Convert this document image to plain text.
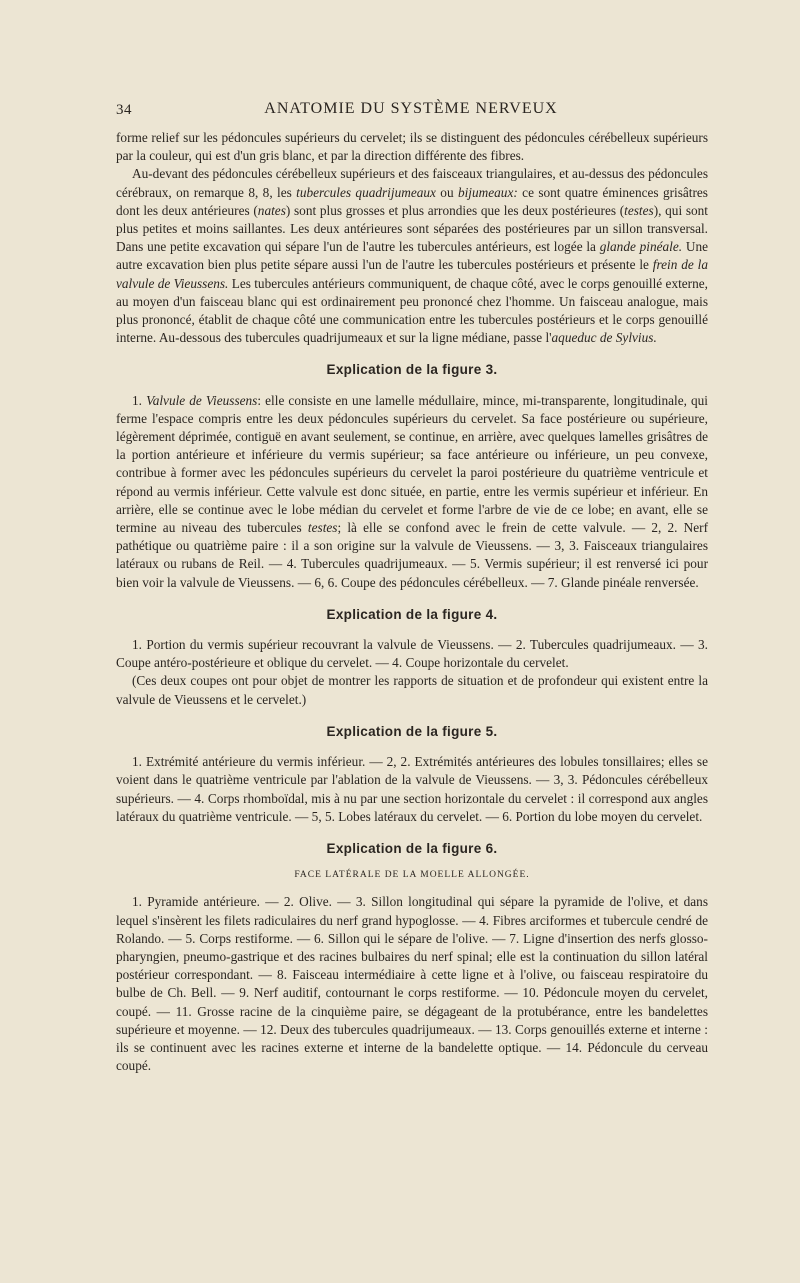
34	ANATOMIE DU SYSTÈME NERVEUX

forme relief sur les pédoncules supérieurs du cervelet; ils se distinguent des pédoncules cérébelleux supérieurs par la couleur, qui est d'un gris blanc, et par la direction différente des fibres.

Au-devant des pédoncules cérébelleux supérieurs et des faisceaux triangulaires, et au-dessus des pédoncules cérébraux, on remarque 8, 8, les tubercules quadrijumeaux ou bijumeaux: ce sont quatre éminences grisâtres dont les deux antérieures (nates) sont plus grosses et plus arrondies que les deux postérieures (testes), qui sont plus petites et moins saillantes. Les deux antérieures sont séparées des postérieures par un sillon transversal. Dans une petite excavation qui sépare l'un de l'autre les tubercules antérieurs, est logée la glande pinéale. Une autre excavation bien plus petite sépare aussi l'un de l'autre les tubercules postérieurs et présente le frein de la valvule de Vieussens. Les tubercules antérieurs communiquent, de chaque côté, avec le corps genouillé externe, au moyen d'un faisceau blanc qui est ordinairement peu prononcé chez l'homme. Un faisceau analogue, mais plus prononcé, établit de chaque côté une communication entre les tubercules postérieurs et le corps genouillé interne. Au-dessous des tubercules quadrijumeaux et sur la ligne médiane, passe l'aqueduc de Sylvius.

Explication de la figure 3.

1. Valvule de Vieussens: elle consiste en une lamelle médullaire, mince, mi-transparente, longitudinale, qui ferme l'espace compris entre les deux pédoncules supérieurs du cervelet. Sa face postérieure ou supérieure, légèrement déprimée, contiguë en avant seulement, se continue, en arrière, avec quelques lamelles grisâtres de la portion antérieure et inférieure du vermis supérieur; sa face antérieure ou inférieure, un peu convexe, contribue à former avec les pédoncules supérieurs du cervelet la paroi postérieure du quatrième ventricule et répond au vermis inférieur. Cette valvule est donc située, en partie, entre les vermis supérieur et inférieur. En arrière, elle se continue avec le lobe médian du cervelet et forme l'arbre de vie de ce lobe; en avant, elle se termine au niveau des tubercules testes; là elle se confond avec le frein de cette valvule. — 2, 2. Nerf pathétique ou quatrième paire : il a son origine sur la valvule de Vieussens. — 3, 3. Faisceaux triangulaires latéraux ou rubans de Reil. — 4. Tubercules quadrijumeaux. — 5. Vermis supérieur; il est renversé ici pour bien voir la valvule de Vieussens. — 6, 6. Coupe des pédoncules cérébelleux. — 7. Glande pinéale renversée.

Explication de la figure 4.

1. Portion du vermis supérieur recouvrant la valvule de Vieussens. — 2. Tubercules quadrijumeaux. — 3. Coupe antéro-postérieure et oblique du cervelet. — 4. Coupe horizontale du cervelet.

(Ces deux coupes ont pour objet de montrer les rapports de situation et de profondeur qui existent entre la valvule de Vieussens et le cervelet.)

Explication de la figure 5.

1. Extrémité antérieure du vermis inférieur. — 2, 2. Extrémités antérieures des lobules tonsillaires; elles se voient dans le quatrième ventricule par l'ablation de la valvule de Vieussens. — 3, 3. Pédoncules cérébelleux supérieurs. — 4. Corps rhomboïdal, mis à nu par une section horizontale du cervelet : il correspond aux angles latéraux du quatrième ventricule. — 5, 5. Lobes latéraux du cervelet. — 6. Portion du lobe moyen du cervelet.

Explication de la figure 6.
FACE LATÉRALE DE LA MOELLE ALLONGÉE.

1. Pyramide antérieure. — 2. Olive. — 3. Sillon longitudinal qui sépare la pyramide de l'olive, et dans lequel s'insèrent les filets radiculaires du nerf grand hypoglosse. — 4. Fibres arciformes et tubercule cendré de Rolando. — 5. Corps restiforme. — 6. Sillon qui le sépare de l'olive. — 7. Ligne d'insertion des nerfs glosso-pharyngien, pneumo-gastrique et des racines bulbaires du nerf spinal; elle est la continuation du sillon latéral postérieur correspondant. — 8. Faisceau intermédiaire à cette ligne et à l'olive, ou faisceau respiratoire du bulbe de Ch. Bell. — 9. Nerf auditif, contournant le corps restiforme. — 10. Pédoncule moyen du cervelet, coupé. — 11. Grosse racine de la cinquième paire, se dégageant de la protubérance, entre les bandelettes supérieure et moyenne. — 12. Deux des tubercules quadrijumeaux. — 13. Corps genouillés externe et interne : ils se continuent avec les racines externe et interne de la bandelette optique. — 14. Pédoncule du cerveau coupé.
